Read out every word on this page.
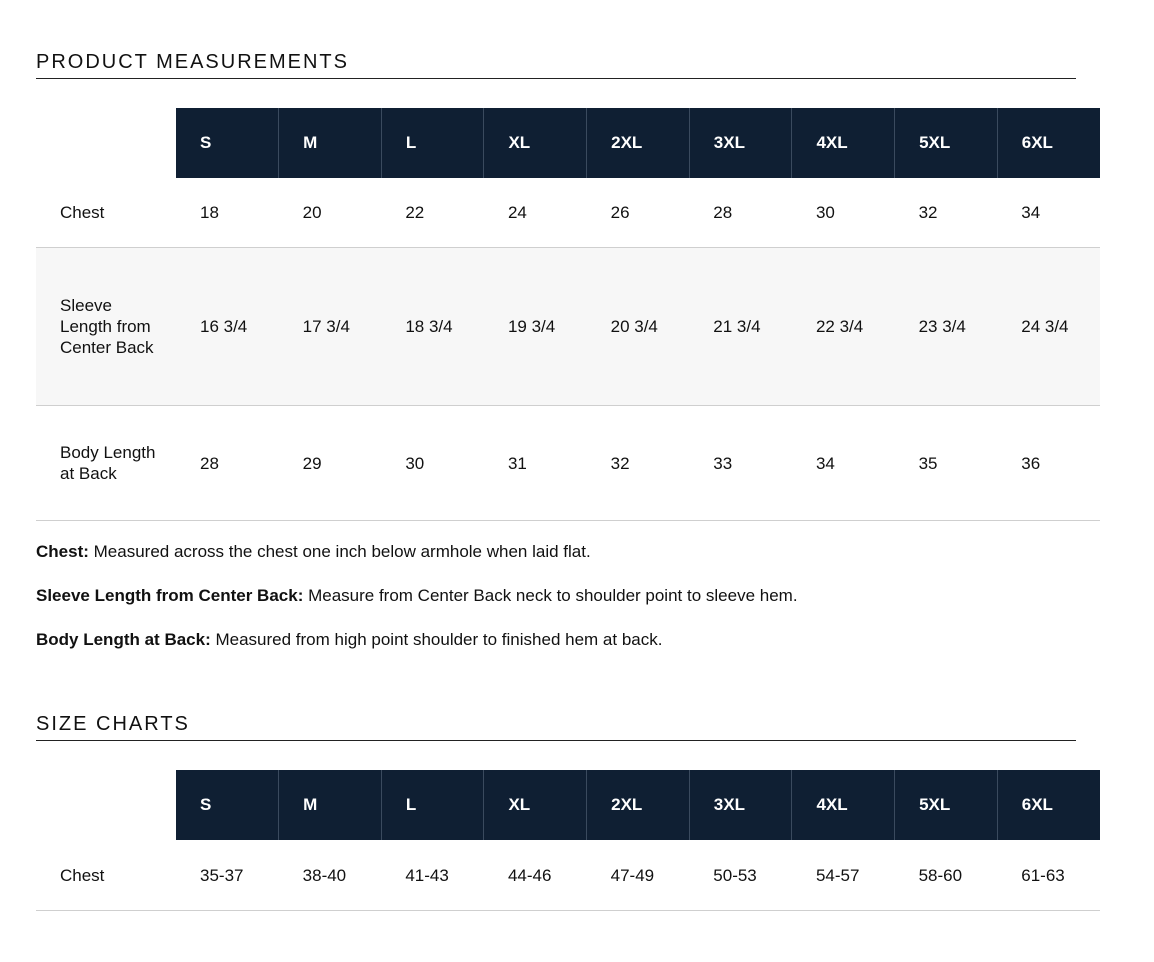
PRODUCT MEASUREMENTS
	S	M	L	XL	2XL	3XL	4XL	5XL	6XL
Chest	18	20	22	24	26	28	30	32	34
Sleeve Length from Center Back	16 3/4	17 3/4	18 3/4	19 3/4	20 3/4	21 3/4	22 3/4	23 3/4	24 3/4
Body Length at Back	28	29	30	31	32	33	34	35	36

Chest: Measured across the chest one inch below armhole when laid flat.

Sleeve Length from Center Back: Measure from Center Back neck to shoulder point to sleeve hem.

Body Length at Back: Measured from high point shoulder to finished hem at back.

SIZE CHARTS
	S	M	L	XL	2XL	3XL	4XL	5XL	6XL
Chest	35-37	38-40	41-43	44-46	47-49	50-53	54-57	58-60	61-63
